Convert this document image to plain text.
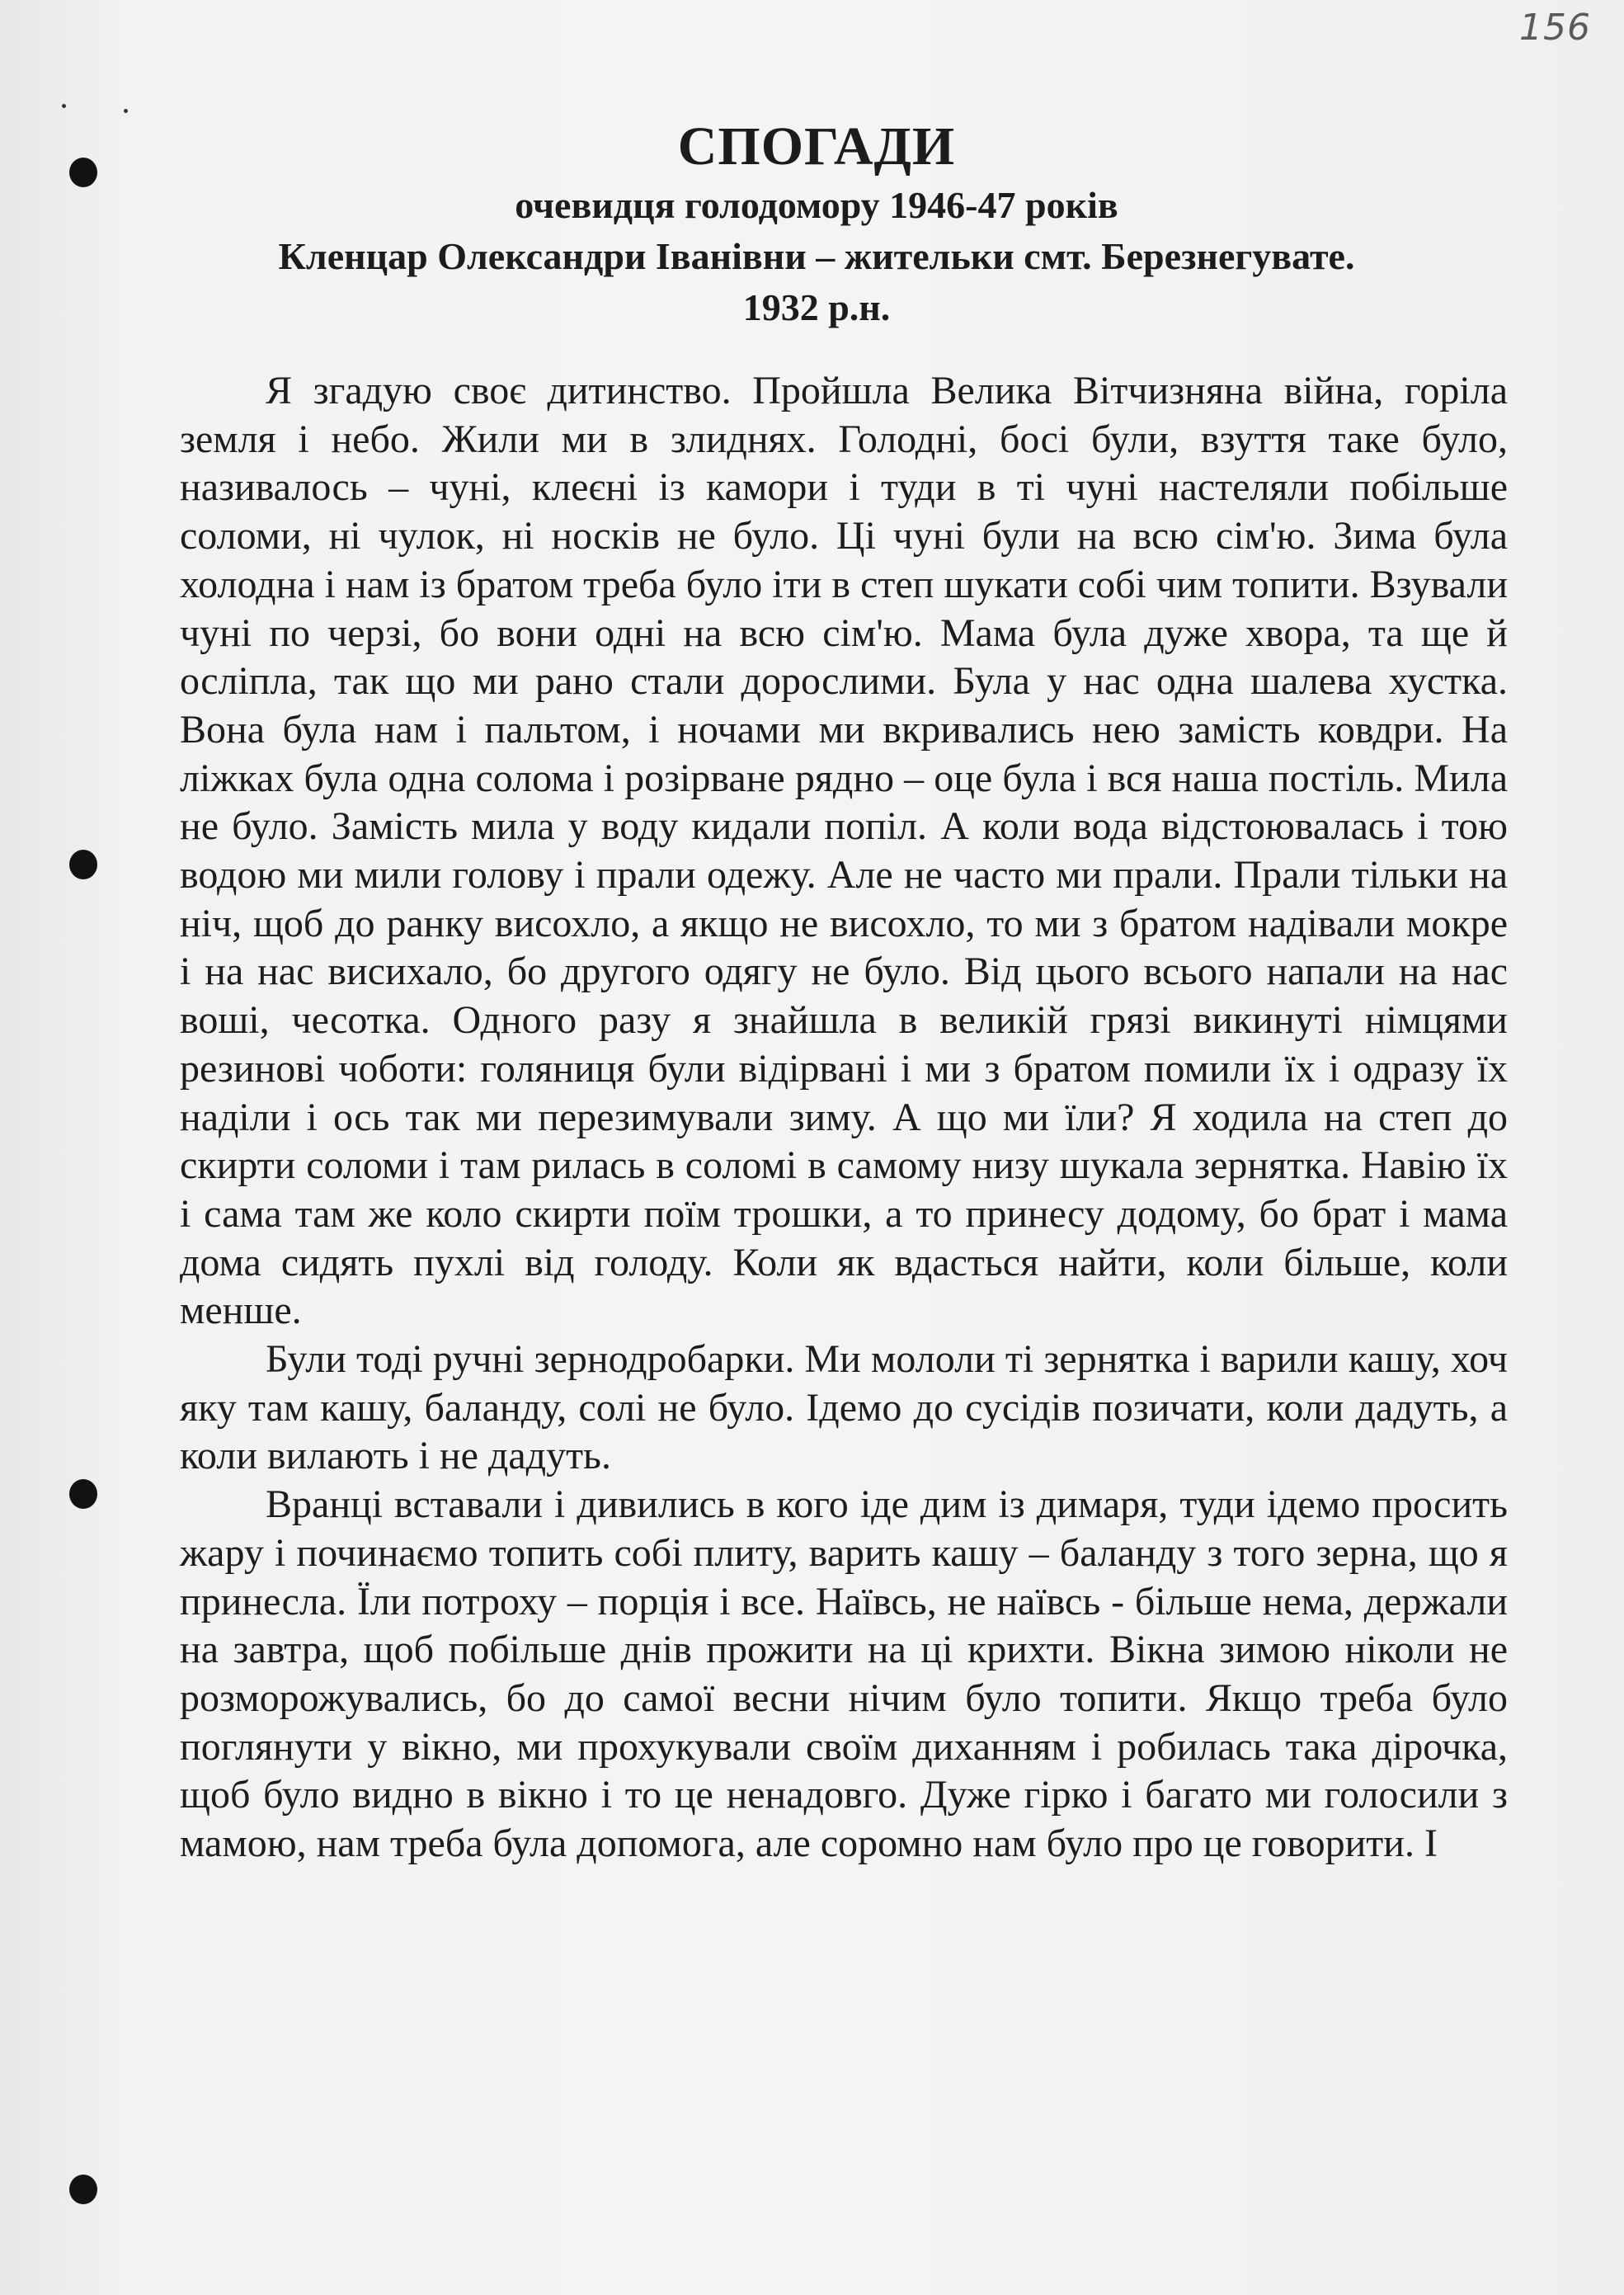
156
СПОГАДИ
очевидця голодомору 1946-47 років
Кленцар Олександри Іванівни – жительки смт. Березнегувате.
1932 р.н.

Я згадую своє дитинство. Пройшла Велика Вітчизняна війна, горіла земля і небо. Жили ми в злиднях. Голодні, босі були, взуття таке було, називалось – чуні, клеєні із камори і туди в ті чуні настеляли побільше соломи, ні чулок, ні носків не було. Ці чуні були на всю сім'ю. Зима була холодна і нам із братом треба було іти в степ шукати собі чим топити. Взували чуні по черзі, бо вони одні на всю сім'ю. Мама була дуже хвора, та ще й осліпла, так що ми рано стали дорослими. Була у нас одна шалева хустка. Вона була нам і пальтом, і ночами ми вкривались нею замість ковдри. На ліжках була одна солома і розірване рядно – оце була і вся наша постіль. Мила не було. Замість мила у воду кидали попіл. А коли вода відстоювалась і тою водою ми мили голову і прали одежу. Але не часто ми прали. Прали тільки на ніч, щоб до ранку висохло, а якщо не висохло, то ми з братом надівали мокре і на нас висихало, бо другого одягу не було. Від цього всього напали на нас воші, чесотка. Одного разу я знайшла в великій грязі викинуті німцями резинові чоботи: голяниця були відірвані і ми з братом помили їх і одразу їх наділи і ось так ми перезимували зиму. А що ми їли? Я ходила на степ до скирти соломи і там рилась в соломі в самому низу шукала зернятка. Навію їх і сама там же коло скирти поїм трошки, а то принесу додому, бо брат і мама дома сидять пухлі від голоду. Коли як вдасться найти, коли більше, коли менше.

Були тоді ручні зернодробарки. Ми мололи ті зернятка і варили кашу, хоч яку там кашу, баланду, солі не було. Ідемо до сусідів позичати, коли дадуть, а коли вилають і не дадуть.

Вранці вставали і дивились в кого іде дим із димаря, туди ідемо просить жару і починаємо топить собі плиту, варить кашу – баланду з того зерна, що я принесла. Їли потроху – порція і все. Наївсь, не наївсь - більше нема, держали на завтра, щоб побільше днів прожити на ці крихти. Вікна зимою ніколи не розморожувались, бо до самої весни нічим було топити. Якщо треба було поглянути у вікно, ми прохукували своїм диханням і робилась така дірочка, щоб було видно в вікно і то це ненадовго. Дуже гірко і багато ми голосили з мамою, нам треба була допомога, але соромно нам було про це говорити. І
